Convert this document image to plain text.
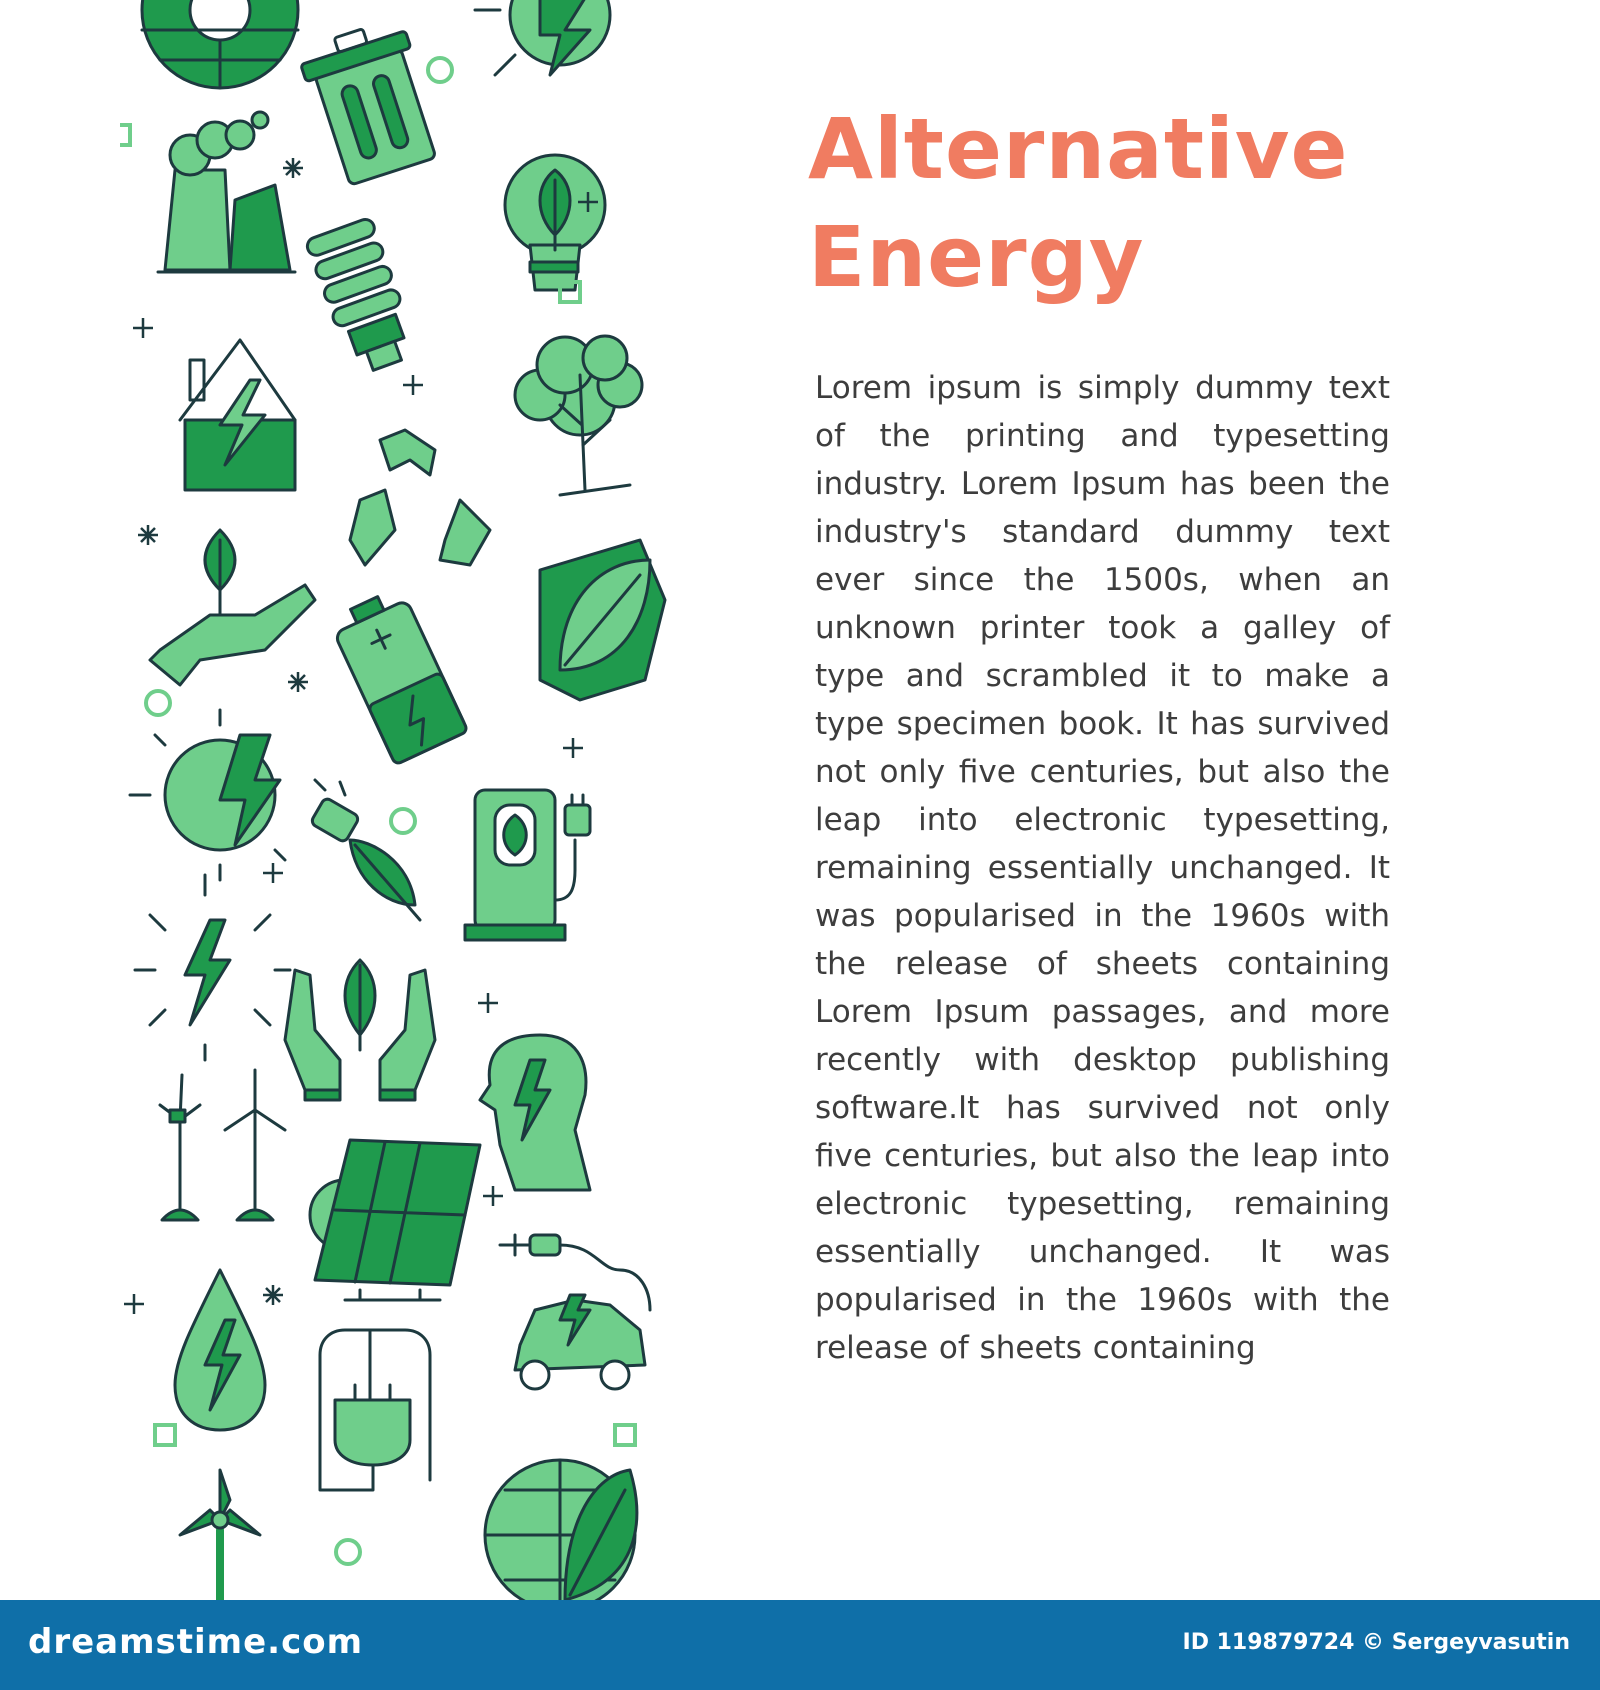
Alternative
Energy

Lorem ipsum is simply dummy text of the printing and typesetting industry. Lorem Ipsum has been the industry's standard dummy text ever since the 1500s, when an unknown printer took a galley of type and scrambled it to make a type specimen book. It has survived not only five centuries, but also the leap into electronic typesetting, remaining essentially unchanged. It was popularised in the 1960s with the release of sheets containing Lorem Ipsum passages, and more recently with desktop publishing software.It has survived not only five centuries, but also the leap into electronic typesetting, remaining essentially unchanged. It was popularised in the 1960s with the release of sheets containing

dreamstime.com	ID 119879724 © Sergeyvasutin
